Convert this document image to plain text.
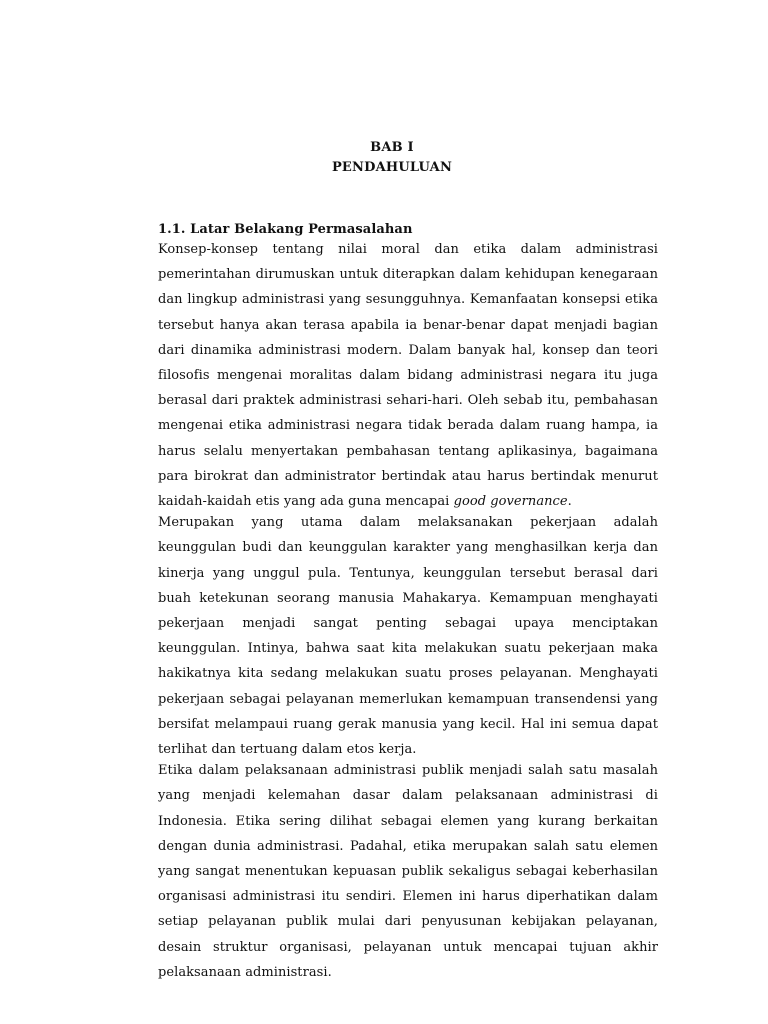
BAB I
PENDAHULUAN
1.1. Latar Belakang Permasalahan

Konsep-konsep tentang nilai moral dan etika dalam administrasi pemerintahan dirumuskan untuk diterapkan dalam kehidupan kenegaraan dan lingkup administrasi yang sesungguhnya. Kemanfaatan konsepsi etika tersebut hanya akan terasa apabila ia benar-benar dapat menjadi bagian dari dinamika administrasi modern. Dalam banyak hal, konsep dan teori filosofis mengenai moralitas dalam bidang administrasi negara itu juga berasal dari praktek administrasi sehari-hari. Oleh sebab itu, pembahasan mengenai etika administrasi negara tidak berada dalam ruang hampa, ia harus selalu menyertakan pembahasan tentang aplikasinya, bagaimana para birokrat dan administrator bertindak atau harus bertindak menurut kaidah-kaidah etis yang ada guna mencapai good governance.

Merupakan yang utama dalam melaksanakan pekerjaan adalah keunggulan budi dan keunggulan karakter yang menghasilkan kerja dan kinerja yang unggul pula. Tentunya, keunggulan tersebut berasal dari buah ketekunan seorang manusia Mahakarya. Kemampuan menghayati pekerjaan menjadi sangat penting sebagai upaya menciptakan keunggulan. Intinya, bahwa saat kita melakukan suatu pekerjaan maka hakikatnya kita sedang melakukan suatu proses pelayanan. Menghayati pekerjaan sebagai pelayanan memerlukan kemampuan transendensi yang bersifat melampaui ruang gerak manusia yang kecil. Hal ini semua dapat terlihat dan tertuang dalam etos kerja.

Etika dalam pelaksanaan administrasi publik menjadi salah satu masalah yang menjadi kelemahan dasar dalam pelaksanaan administrasi di Indonesia. Etika sering dilihat sebagai elemen yang kurang berkaitan dengan dunia administrasi. Padahal, etika merupakan salah satu elemen yang sangat menentukan kepuasan publik sekaligus sebagai keberhasilan organisasi administrasi itu sendiri. Elemen ini harus diperhatikan dalam setiap pelayanan publik mulai dari penyusunan kebijakan pelayanan, desain struktur organisasi, pelayanan untuk mencapai tujuan akhir pelaksanaan administrasi.
